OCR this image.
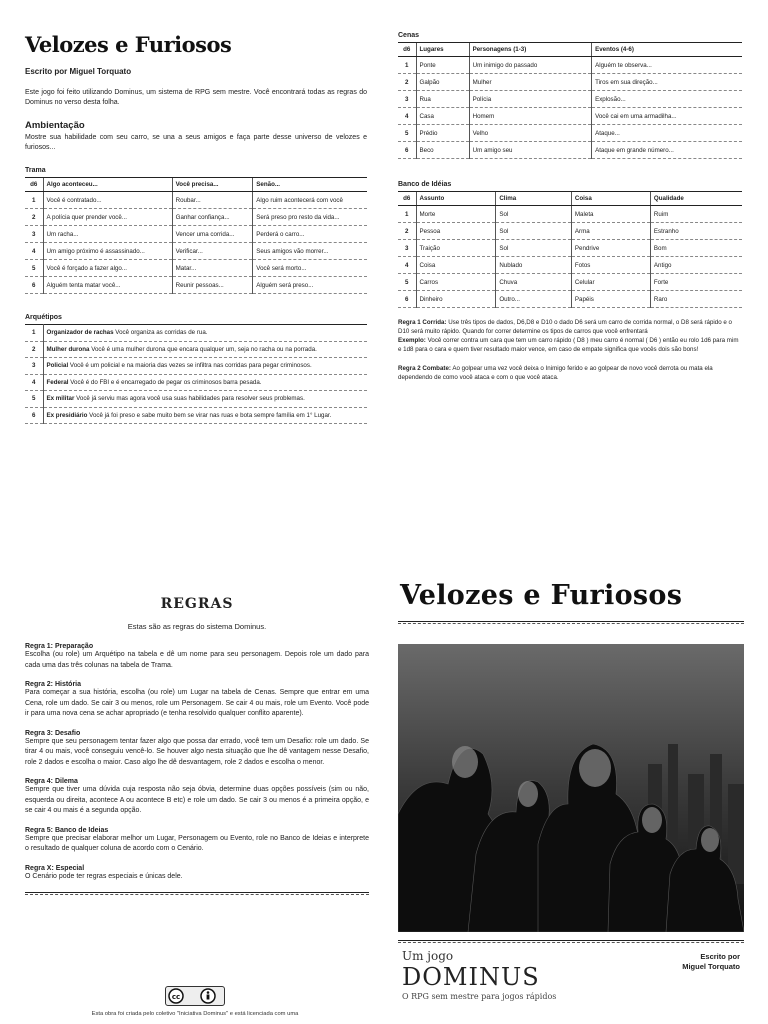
Velozes e Furiosos
Escrito por Miguel Torquato
Este jogo foi feito utilizando Dominus, um sistema de RPG sem mestre. Você encontrará todas as regras do Dominus no verso desta folha.
Ambientação
Mostre sua habilidade com seu carro, se una a seus amigos e faça parte desse universo de velozes e furiosos...
Trama
d6	Algo aconteceu...	Você precisa...	Senão...
1	Você é contratado...	Roubar...	Algo ruim acontecerá com você
2	A polícia quer prender você...	Ganhar confiança...	Será preso pro resto da vida...
3	Um racha...	Vencer uma corrida...	Perderá o carro...
4	Um amigo próximo é assassinado...	Verificar...	Seus amigos vão morrer...
5	Você é forçado a fazer algo...	Matar...	Você será morto...
6	Alguém tenta matar você...	Reunir pessoas...	Alguém será preso...
Arquétipos
1	Organizador de rachas Você organiza as corridas de rua.
2	Mulher durona Você é uma mulher durona que encara qualquer um, seja no racha ou na porrada.
3	Policial Você é um policial e na maioria das vezes se infiltra nas corridas para pegar criminosos.
4	Federal Você é do FBI e é encarregado de pegar os criminosos barra pesada.
5	Ex militar Você já serviu mas agora você usa suas habilidades para resolver seus problemas.
6	Ex presidiário Você já foi preso e sabe muito bem se virar nas ruas e bota sempre família em 1° Lugar.
Cenas
d6	Lugares	Personagens (1-3)	Eventos (4-6)
1	Ponte	Um inimigo do passado	Alguém te observa...
2	Galpão	Mulher	Tiros em sua direção...
3	Rua	Polícia	Explosão...
4	Casa	Homem	Você cai em uma armadilha...
5	Prédio	Velho	Ataque...
6	Beco	Um amigo seu	Ataque em grande número...
Banco de Idéias
d6	Assunto	Clima	Coisa	Qualidade
1	Morte	Sol	Maleta	Ruim
2	Pessoa	Sol	Arma	Estranho
3	Traição	Sol	Pendrive	Bom
4	Coisa	Nublado	Fotos	Antigo
5	Carros	Chuva	Celular	Forte
6	Dinheiro	Outro...	Papéis	Raro

Regra 1 Corrida: Use três tipos de dados, D6,D8 e D10 o dado D6 será um carro de corrida normal, o D8 será rápido e o D10 será muito rápido. Quando for correr determine os tipos de carros que você enfrentará
Exemplo: Você correr contra um cara que tem um carro rápido ( D8 ) meu carro é normal ( D6 ) então eu rolo 1d6 para mim e 1d8 para o cara e quem tiver resultado maior vence, em caso de empate significa que vocês dois são bons!

Regra 2 Combate: Ao golpear uma vez você deixa o Inimigo ferido e ao golpear de novo você derrota ou mata ela dependendo de como você ataca e com o que você ataca.

REGRAS
Estas são as regras do sistema Dominus.
Regra 1: Preparação
Escolha (ou role) um Arquétipo na tabela e dê um nome para seu personagem. Depois role um dado para cada uma das três colunas na tabela de Trama.
Regra 2: História
Para começar a sua história, escolha (ou role) um Lugar na tabela de Cenas. Sempre que entrar em uma Cena, role um dado. Se cair 3 ou menos, role um Personagem. Se cair 4 ou mais, role um Evento. Você pode ir para uma nova cena se achar apropriado (e tenha resolvido qualquer conflito aparente).
Regra 3: Desafio
Sempre que seu personagem tentar fazer algo que possa dar errado, você tem um Desafio: role um dado. Se tirar 4 ou mais, você conseguiu vencê-lo. Se houver algo nesta situação que lhe dê vantagem nesse Desafio, role 2 dados e escolha o maior. Caso algo lhe dê desvantagem, role 2 dados e escolha o menor.
Regra 4: Dilema
Sempre que tiver uma dúvida cuja resposta não seja óbvia, determine duas opções possíveis (sim ou não, esquerda ou direita, acontece A ou acontece B etc) e role um dado. Se cair 3 ou menos é a primeira opção, e se cair 4 ou mais é a segunda opção.
Regra 5: Banco de Ideias
Sempre que precisar elaborar melhor um Lugar, Personagem ou Evento, role no Banco de Ideias e interprete o resultado de qualquer coluna de acordo com o Cenário.
Regra X: Especial
O Cenário pode ter regras especiais e únicas dele.
cc
Esta obra foi criada pelo coletivo "Iniciativa Dominus" e está licenciada com uma
Velozes e Furiosos
Um jogo
DOMINUS
O RPG sem mestre para jogos rápidos
Escrito por
Miguel Torquato
